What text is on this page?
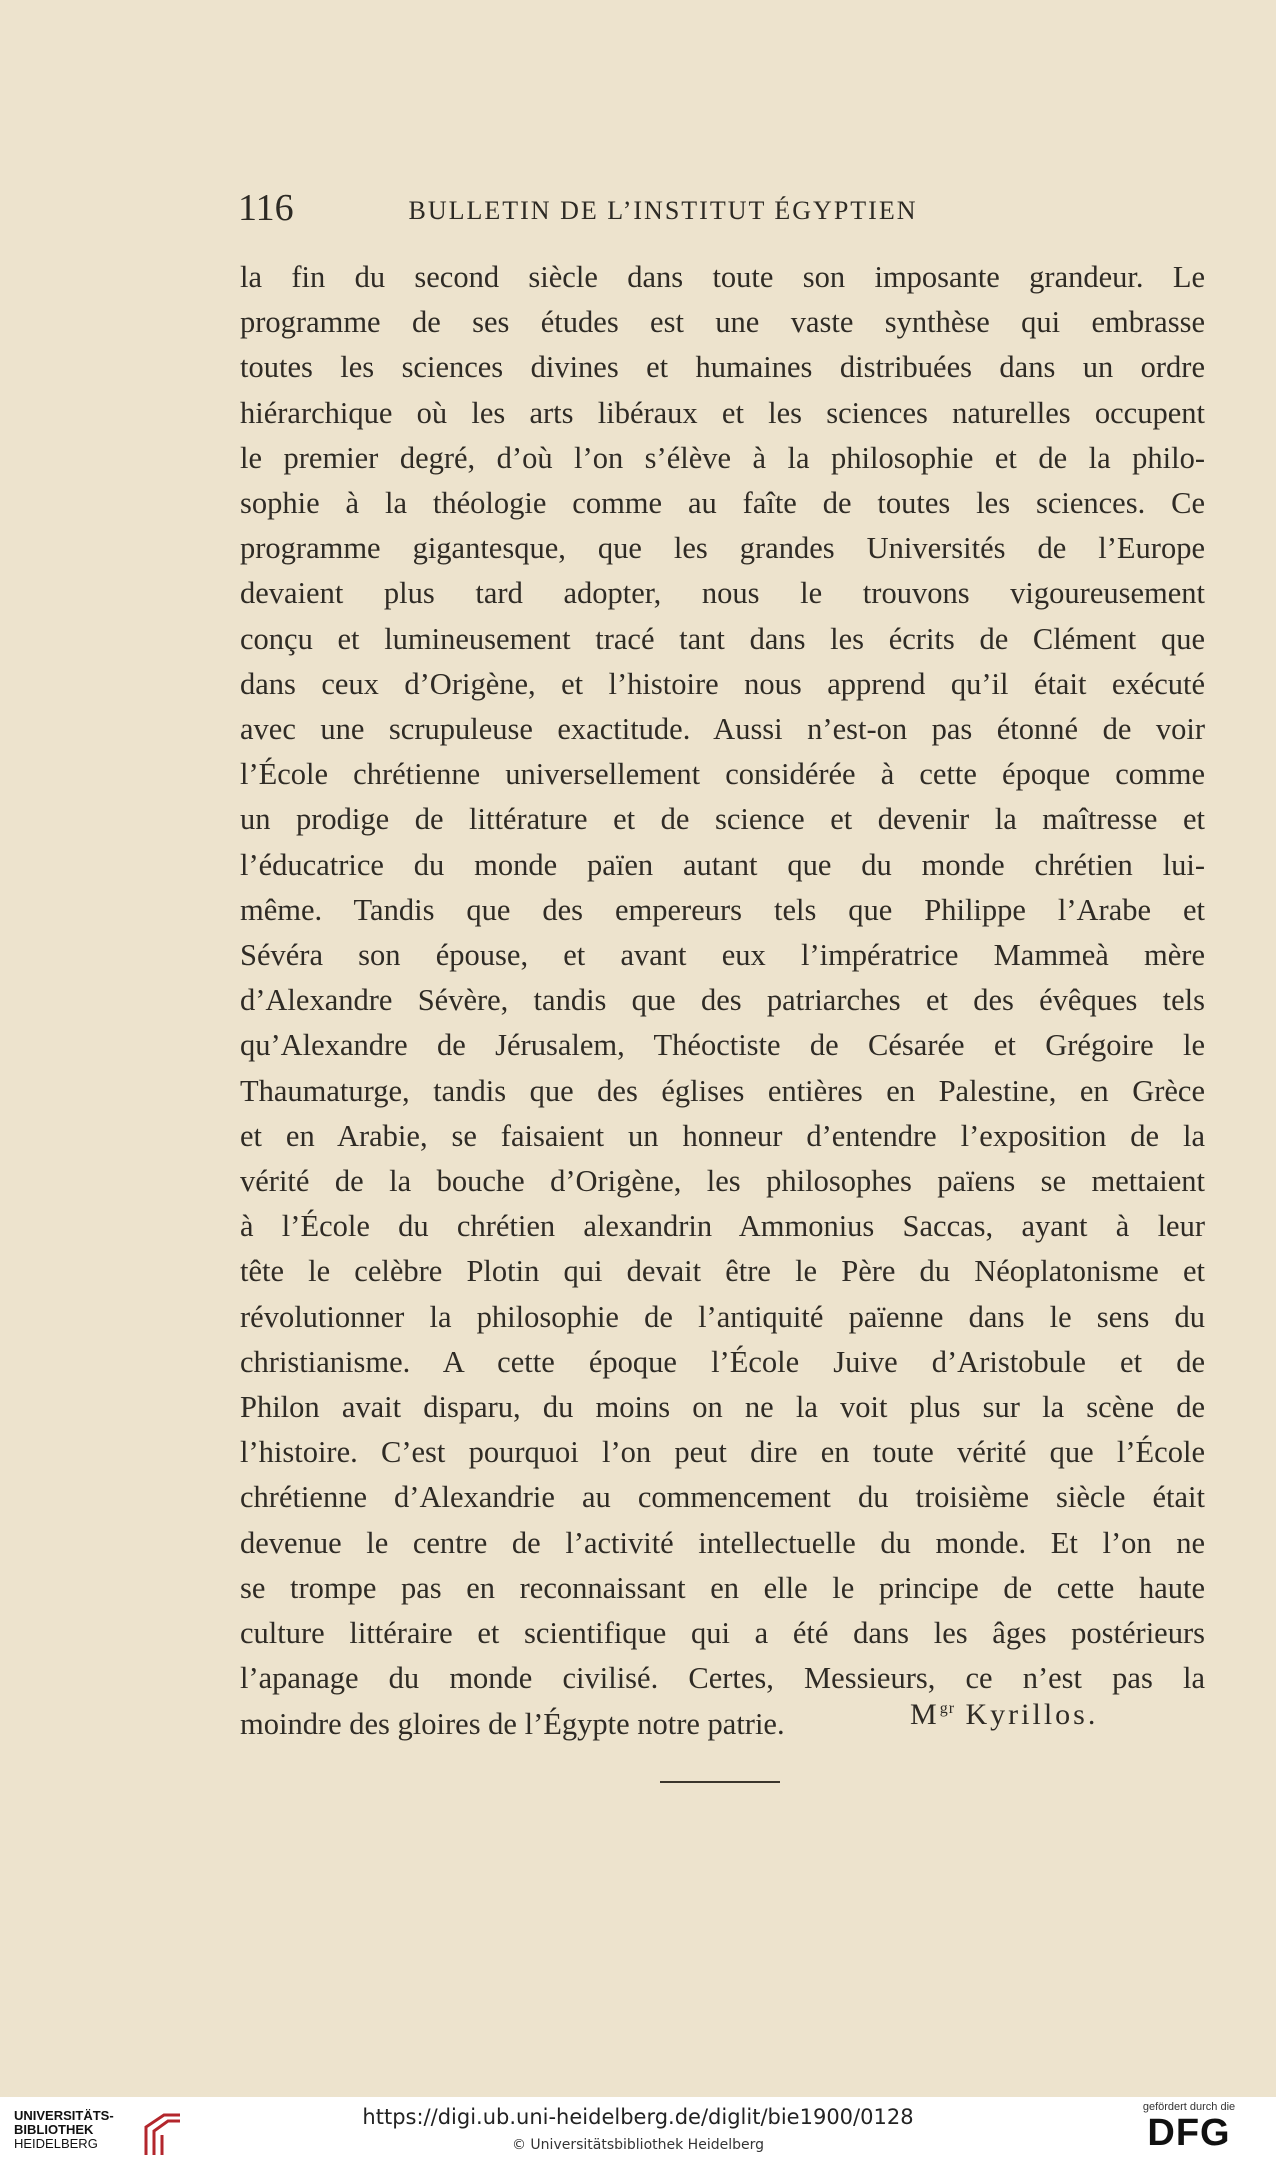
116	BULLETIN DE L’INSTITUT ÉGYPTIEN
la fin du second siècle dans toute son imposante grandeur. Le
programme de ses études est une vaste synthèse qui embrasse
toutes les sciences divines et humaines distribuées dans un ordre
hiérarchique où les arts libéraux et les sciences naturelles occupent
le premier degré, d’où l’on s’élève à la philosophie et de la philo-
sophie à la théologie comme au faîte de toutes les sciences. Ce
programme gigantesque, que les grandes Universités de l’Europe
devaient plus tard adopter, nous le trouvons vigoureusement
conçu et lumineusement tracé tant dans les écrits de Clément que
dans ceux d’Origène, et l’histoire nous apprend qu’il était exécuté
avec une scrupuleuse exactitude. Aussi n’est-on pas étonné de voir
l’École chrétienne universellement considérée à cette époque comme
un prodige de littérature et de science et devenir la maîtresse et
l’éducatrice du monde païen autant que du monde chrétien lui-
même. Tandis que des empereurs tels que Philippe l’Arabe et
Sévéra son épouse, et avant eux l’impératrice Mammeà mère
d’Alexandre Sévère, tandis que des patriarches et des évêques tels
qu’Alexandre de Jérusalem, Théoctiste de Césarée et Grégoire le
Thaumaturge, tandis que des églises entières en Palestine, en Grèce
et en Arabie, se faisaient un honneur d’entendre l’exposition de la
vérité de la bouche d’Origène, les philosophes païens se mettaient
à l’École du chrétien alexandrin Ammonius Saccas, ayant à leur
tête le celèbre Plotin qui devait être le Père du Néoplatonisme et
révolutionner la philosophie de l’antiquité païenne dans le sens du
christianisme. A cette époque l’École Juive d’Aristobule et de
Philon avait disparu, du moins on ne la voit plus sur la scène de
l’histoire. C’est pourquoi l’on peut dire en toute vérité que l’École
chrétienne d’Alexandrie au commencement du troisième siècle était
devenue le centre de l’activité intellectuelle du monde. Et l’on ne
se trompe pas en reconnaissant en elle le principe de cette haute
culture littéraire et scientifique qui a été dans les âges postérieurs
l’apanage du monde civilisé. Certes, Messieurs, ce n’est pas la
moindre des gloires de l’Égypte notre patrie.	$M^{gr}$ Kyrillos.
UNIVERSITÄTS-
BIBLIOTHEK
HEIDELBERG
https://digi.ub.uni-heidelberg.de/diglit/bie1900/0128
© Universitätsbibliothek Heidelberg
gefördert durch die
DFG
